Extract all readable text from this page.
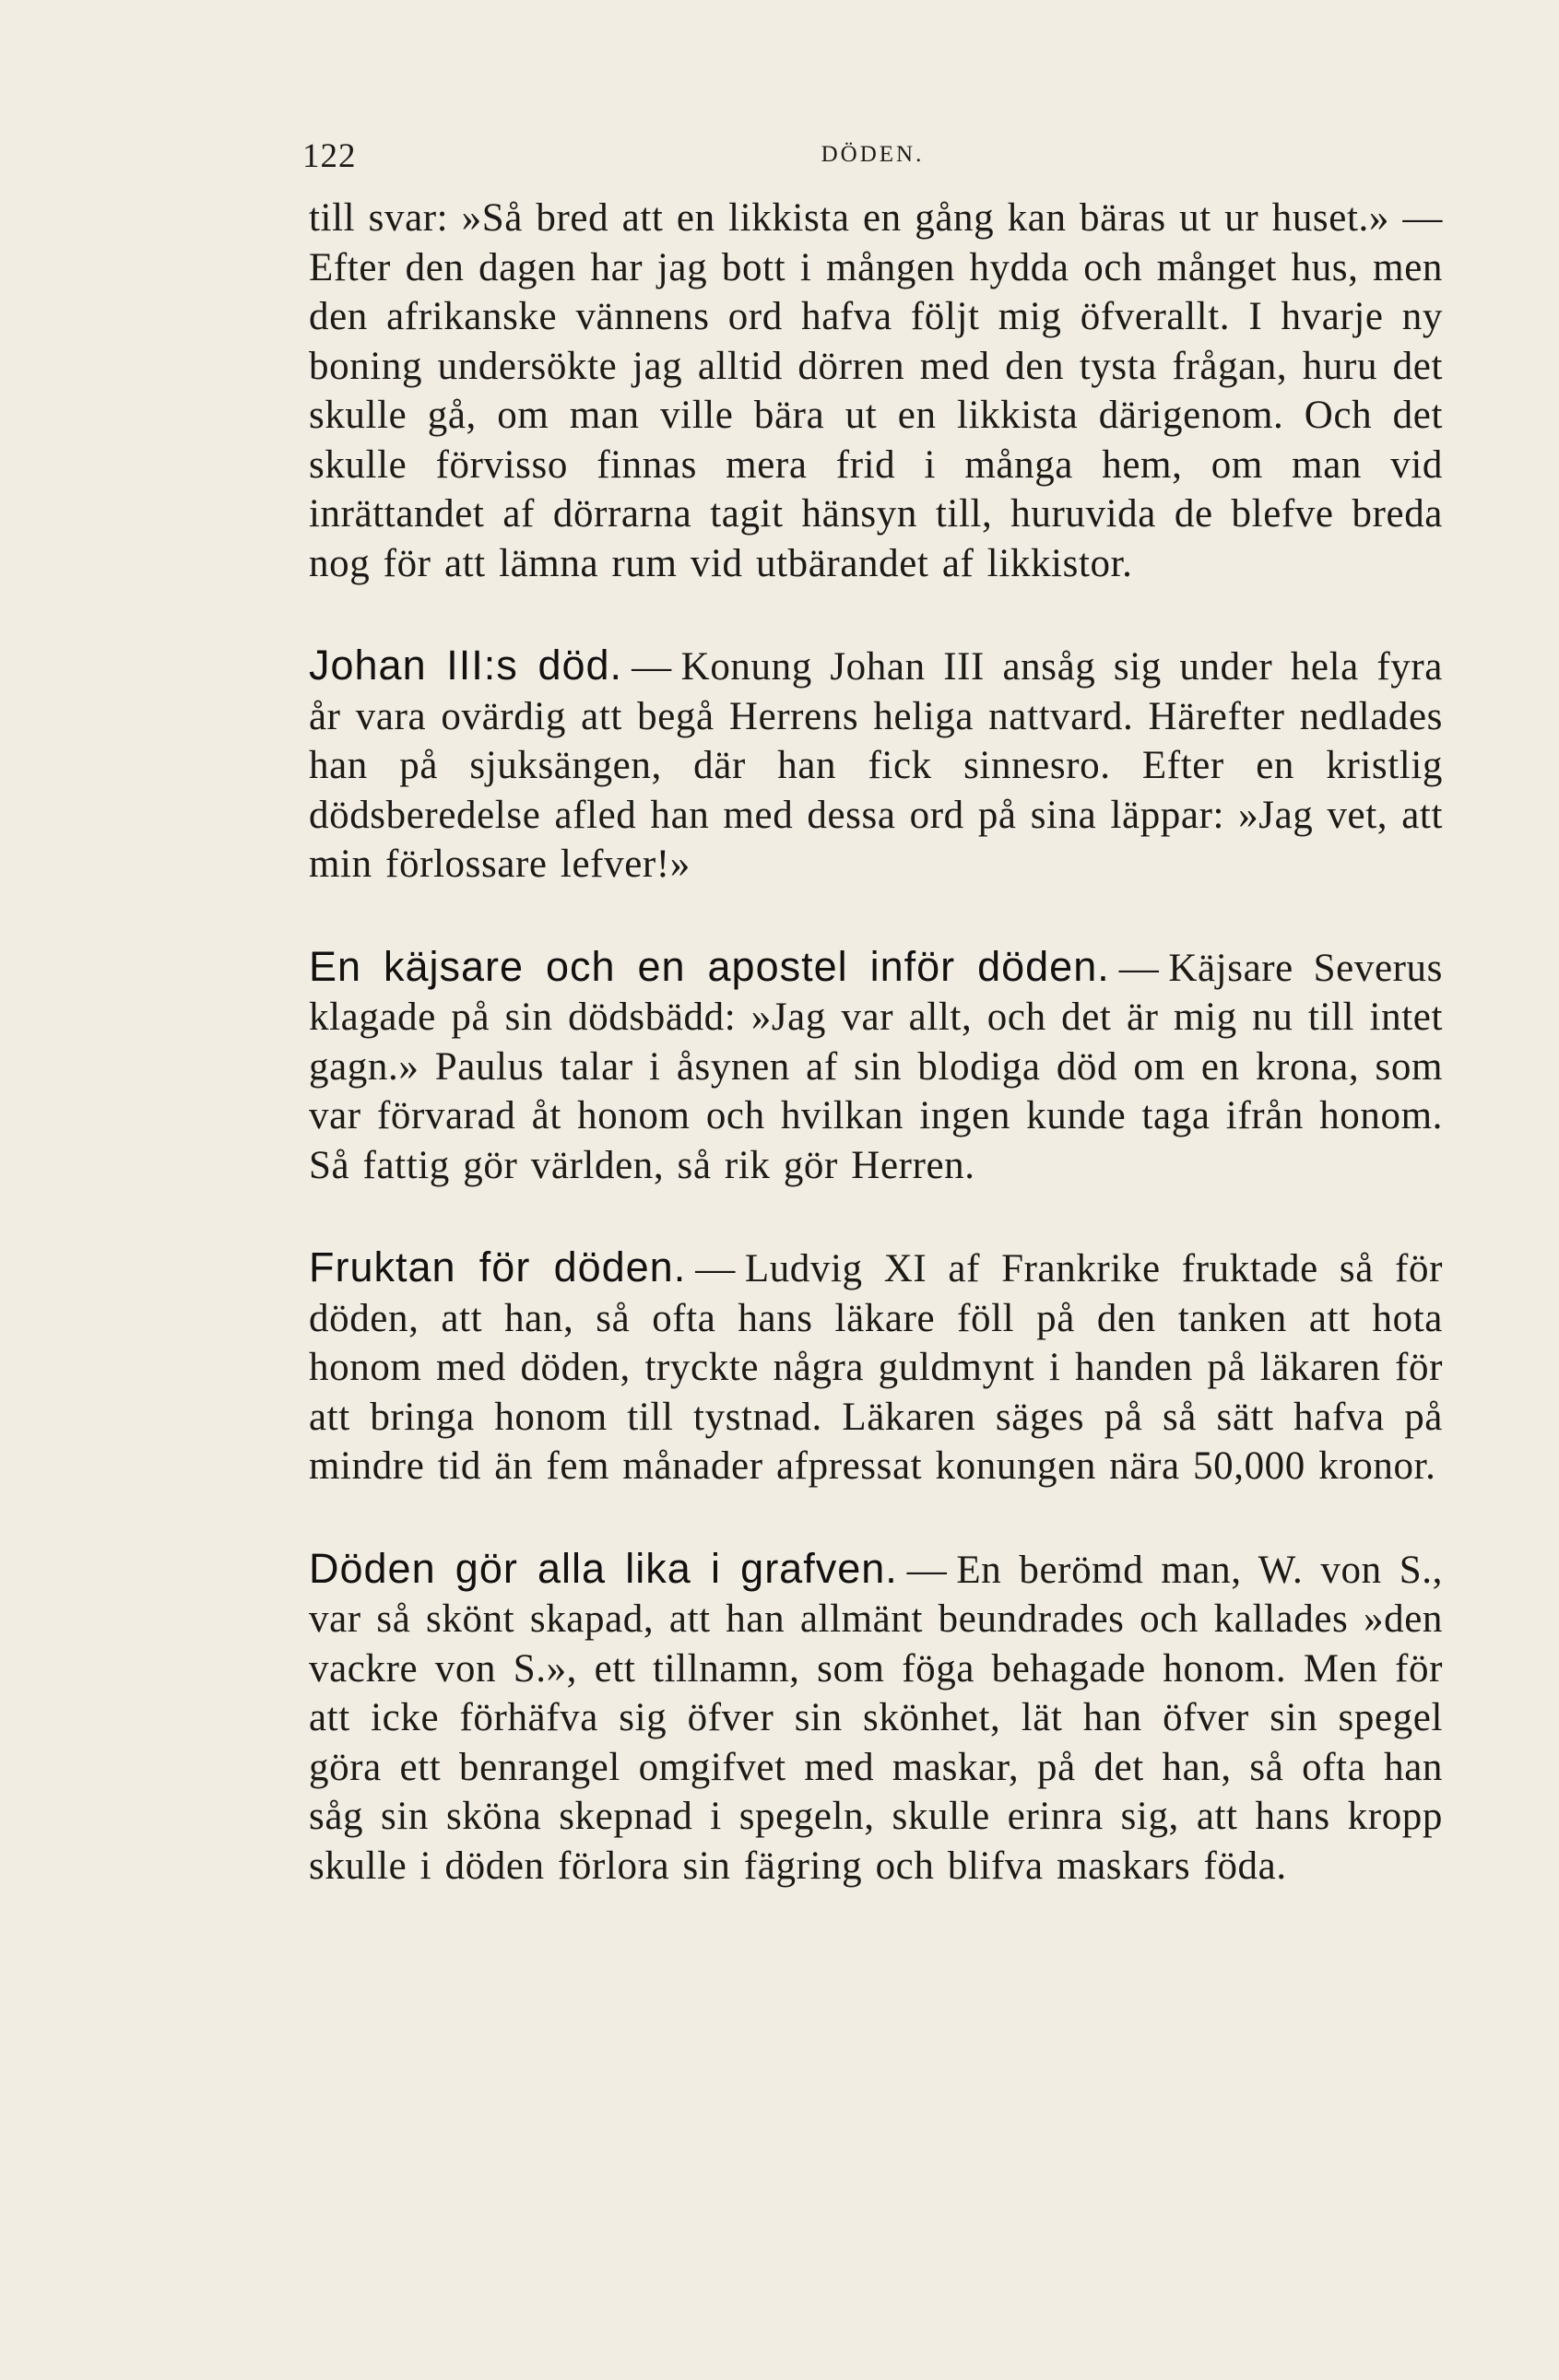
122	DÖDEN.

till svar: »Så bred att en likkista en gång kan bäras ut ur huset.» — Efter den dagen har jag bott i mången hydda och månget hus, men den afrikanske vännens ord hafva följt mig öfverallt. I hvarje ny boning undersökte jag alltid dörren med den tysta frågan, huru det skulle gå, om man ville bära ut en likkista därigenom. Och det skulle förvisso finnas mera frid i många hem, om man vid inrättandet af dörrarna tagit hänsyn till, huruvida de blefve breda nog för att lämna rum vid utbärandet af likkistor.

Johan III:s död. — Konung Johan III ansåg sig under hela fyra år vara ovärdig att begå Herrens heliga nattvard. Härefter nedlades han på sjuksängen, där han fick sinnesro. Efter en kristlig dödsberedelse afled han med dessa ord på sina läppar: »Jag vet, att min förlossare lefver!»

En käjsare och en apostel inför döden. — Käjsare Severus klagade på sin dödsbädd: »Jag var allt, och det är mig nu till intet gagn.» Paulus talar i åsynen af sin blodiga död om en krona, som var förvarad åt honom och hvilkan ingen kunde taga ifrån honom. Så fattig gör världen, så rik gör Herren.

Fruktan för döden. — Ludvig XI af Frankrike fruktade så för döden, att han, så ofta hans läkare föll på den tanken att hota honom med döden, tryckte några guldmynt i handen på läkaren för att bringa honom till tystnad. Läkaren säges på så sätt hafva på mindre tid än fem månader afpressat konungen nära 50,000 kronor.

Döden gör alla lika i grafven. — En berömd man, W. von S., var så skönt skapad, att han allmänt beundrades och kallades »den vackre von S.», ett tillnamn, som föga behagade honom. Men för att icke förhäfva sig öfver sin skönhet, lät han öfver sin spegel göra ett benrangel omgifvet med maskar, på det han, så ofta han såg sin sköna skepnad i spegeln, skulle erinra sig, att hans kropp skulle i döden förlora sin fägring och blifva maskars föda.
